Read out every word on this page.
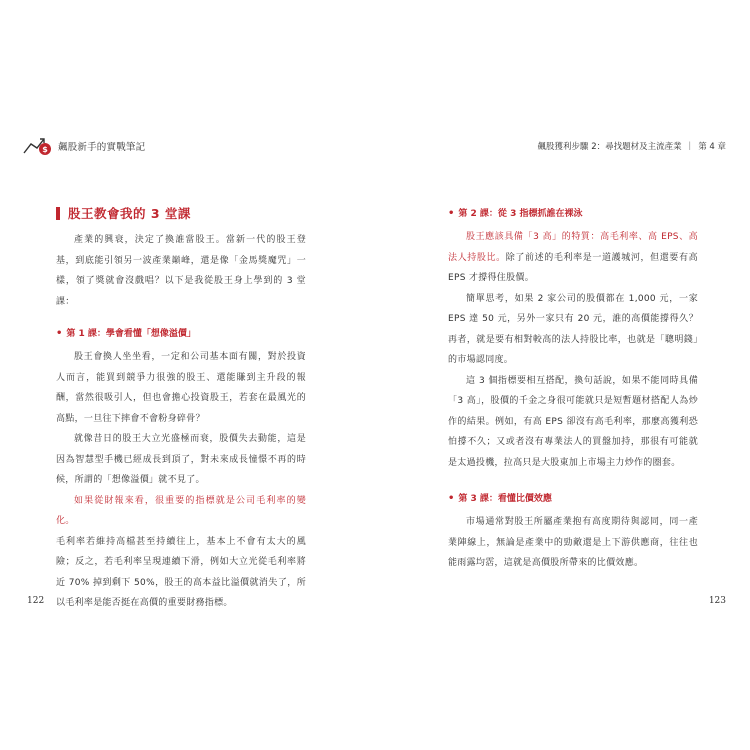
$ 飆股新手的實戰筆記	飆股獲利步驟 2：尋找題材及主流產業 ｜ 第 4 章
股王教會我的 3 堂課

產業的興衰，決定了換誰當股王。當新一代的股王登基，到底能引領另一波產業巔峰，還是像「金馬獎魔咒」一樣，領了獎就會沒戲唱？以下是我從股王身上學到的 3 堂課：

• 第 1 課：學會看懂「想像溢價」

股王會換人坐坐看，一定和公司基本面有關，對於投資人而言，能買到競爭力很強的股王、還能賺到主升段的報酬，當然很吸引人，但也會擔心投資股王，若套在最風光的高點，一旦往下摔會不會粉身碎骨？

就像昔日的股王大立光盛極而衰，股價失去動能，這是因為智慧型手機已經成長到頂了，對未來成長憧憬不再的時候，所謂的「想像溢價」就不見了。

如果從財報來看，很重要的指標就是公司毛利率的變化。

毛利率若維持高檔甚至持續往上，基本上不會有太大的風險；反之，若毛利率呈現連續下滑，例如大立光從毛利率將近 70% 掉到剩下 50%，股王的高本益比溢價就消失了，所以毛利率是能否挺在高價的重要財務指標。

• 第 2 課：從 3 指標抓誰在裸泳

股王應該具備「3 高」的特質：高毛利率、高 EPS、高法人持股比。除了前述的毛利率是一道護城河，但還要有高 EPS 才撐得住股價。

簡單思考，如果 2 家公司的股價都在 1,000 元，一家 EPS 達 50 元，另外一家只有 20 元，誰的高價能撐得久？再者，就是要有相對較高的法人持股比率，也就是「聰明錢」的市場認同度。

這 3 個指標要相互搭配，換句話說，如果不能同時具備「3 高」，股價的千金之身很可能就只是短暫題材搭配人為炒作的結果。例如，有高 EPS 卻沒有高毛利率，那麼高獲利恐怕撐不久；又或者沒有專業法人的買盤加持，那很有可能就是太過投機，拉高只是大股東加上市場主力炒作的圈套。

• 第 3 課：看懂比價效應

市場通常對股王所屬產業抱有高度期待與認同，同一產業陣線上，無論是產業中的勁敵還是上下游供應商，往往也能雨露均霑，這就是高價股所帶來的比價效應。

122	123
